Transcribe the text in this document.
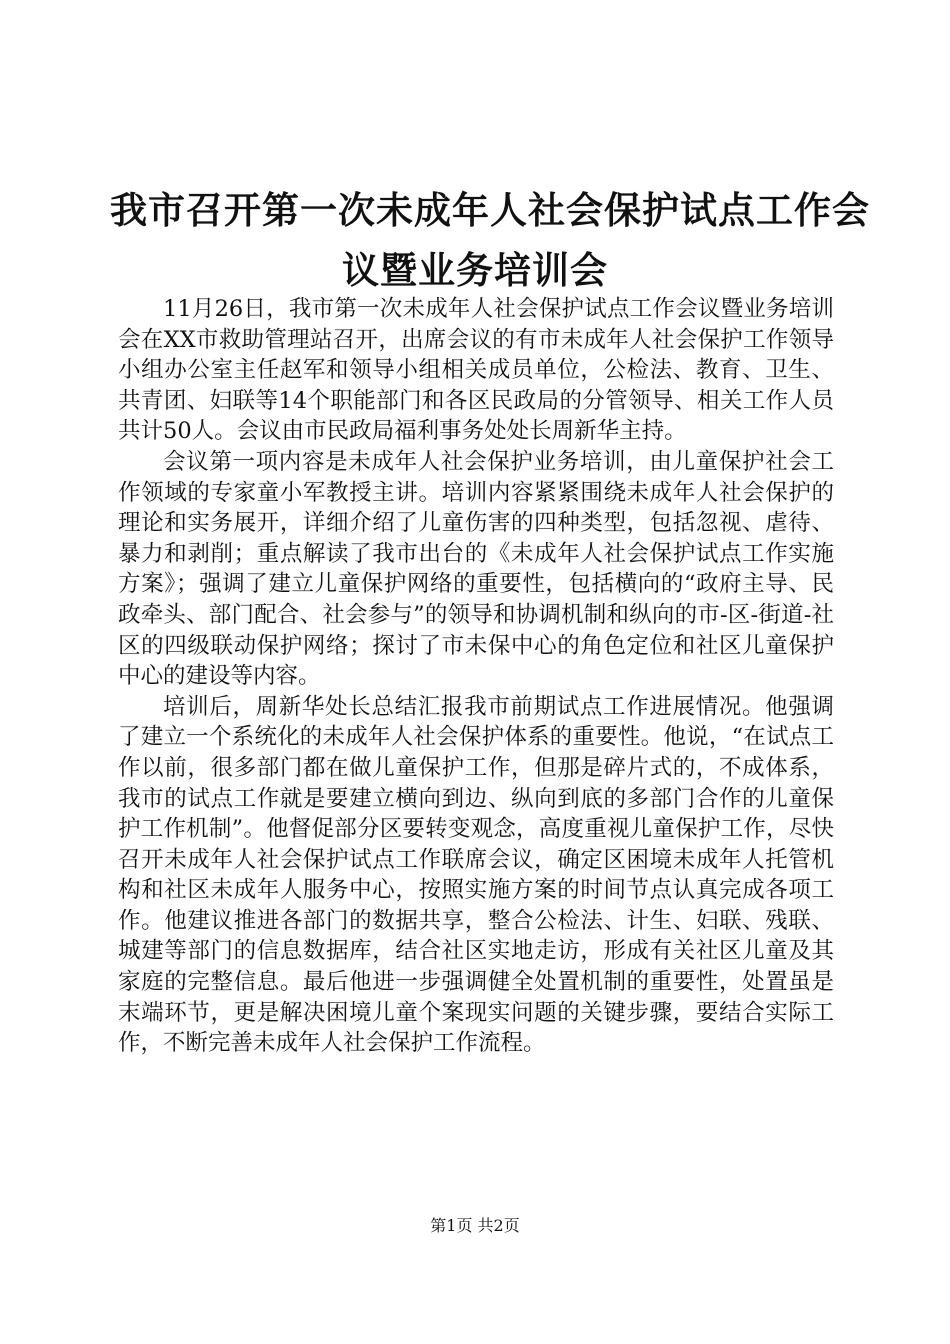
我市召开第一次未成年人社会保护试点工作会
议暨业务培训会

11月26日，我市第一次未成年人社会保护试点工作会议暨业务培训会在XX市救助管理站召开，出席会议的有市未成年人社会保护工作领导小组办公室主任赵军和领导小组相关成员单位，公检法、教育、卫生、共青团、妇联等14个职能部门和各区民政局的分管领导、相关工作人员共计50人。会议由市民政局福利事务处处长周新华主持。

会议第一项内容是未成年人社会保护业务培训，由儿童保护社会工作领域的专家童小军教授主讲。培训内容紧紧围绕未成年人社会保护的理论和实务展开，详细介绍了儿童伤害的四种类型，包括忽视、虐待、暴力和剥削；重点解读了我市出台的《未成年人社会保护试点工作实施方案》；强调了建立儿童保护网络的重要性，包括横向的“政府主导、民政牵头、部门配合、社会参与”的领导和协调机制和纵向的市-区-街道-社区的四级联动保护网络；探讨了市未保中心的角色定位和社区儿童保护中心的建设等内容。

培训后，周新华处长总结汇报我市前期试点工作进展情况。他强调了建立一个系统化的未成年人社会保护体系的重要性。他说，“在试点工作以前，很多部门都在做儿童保护工作，但那是碎片式的，不成体系，我市的试点工作就是要建立横向到边、纵向到底的多部门合作的儿童保护工作机制”。他督促部分区要转变观念，高度重视儿童保护工作，尽快召开未成年人社会保护试点工作联席会议，确定区困境未成年人托管机构和社区未成年人服务中心，按照实施方案的时间节点认真完成各项工作。他建议推进各部门的数据共享，整合公检法、计生、妇联、残联、城建等部门的信息数据库，结合社区实地走访，形成有关社区儿童及其家庭的完整信息。最后他进一步强调健全处置机制的重要性，处置虽是末端环节，更是解决困境儿童个案现实问题的关键步骤，要结合实际工作，不断完善未成年人社会保护工作流程。

第1页 共2页
